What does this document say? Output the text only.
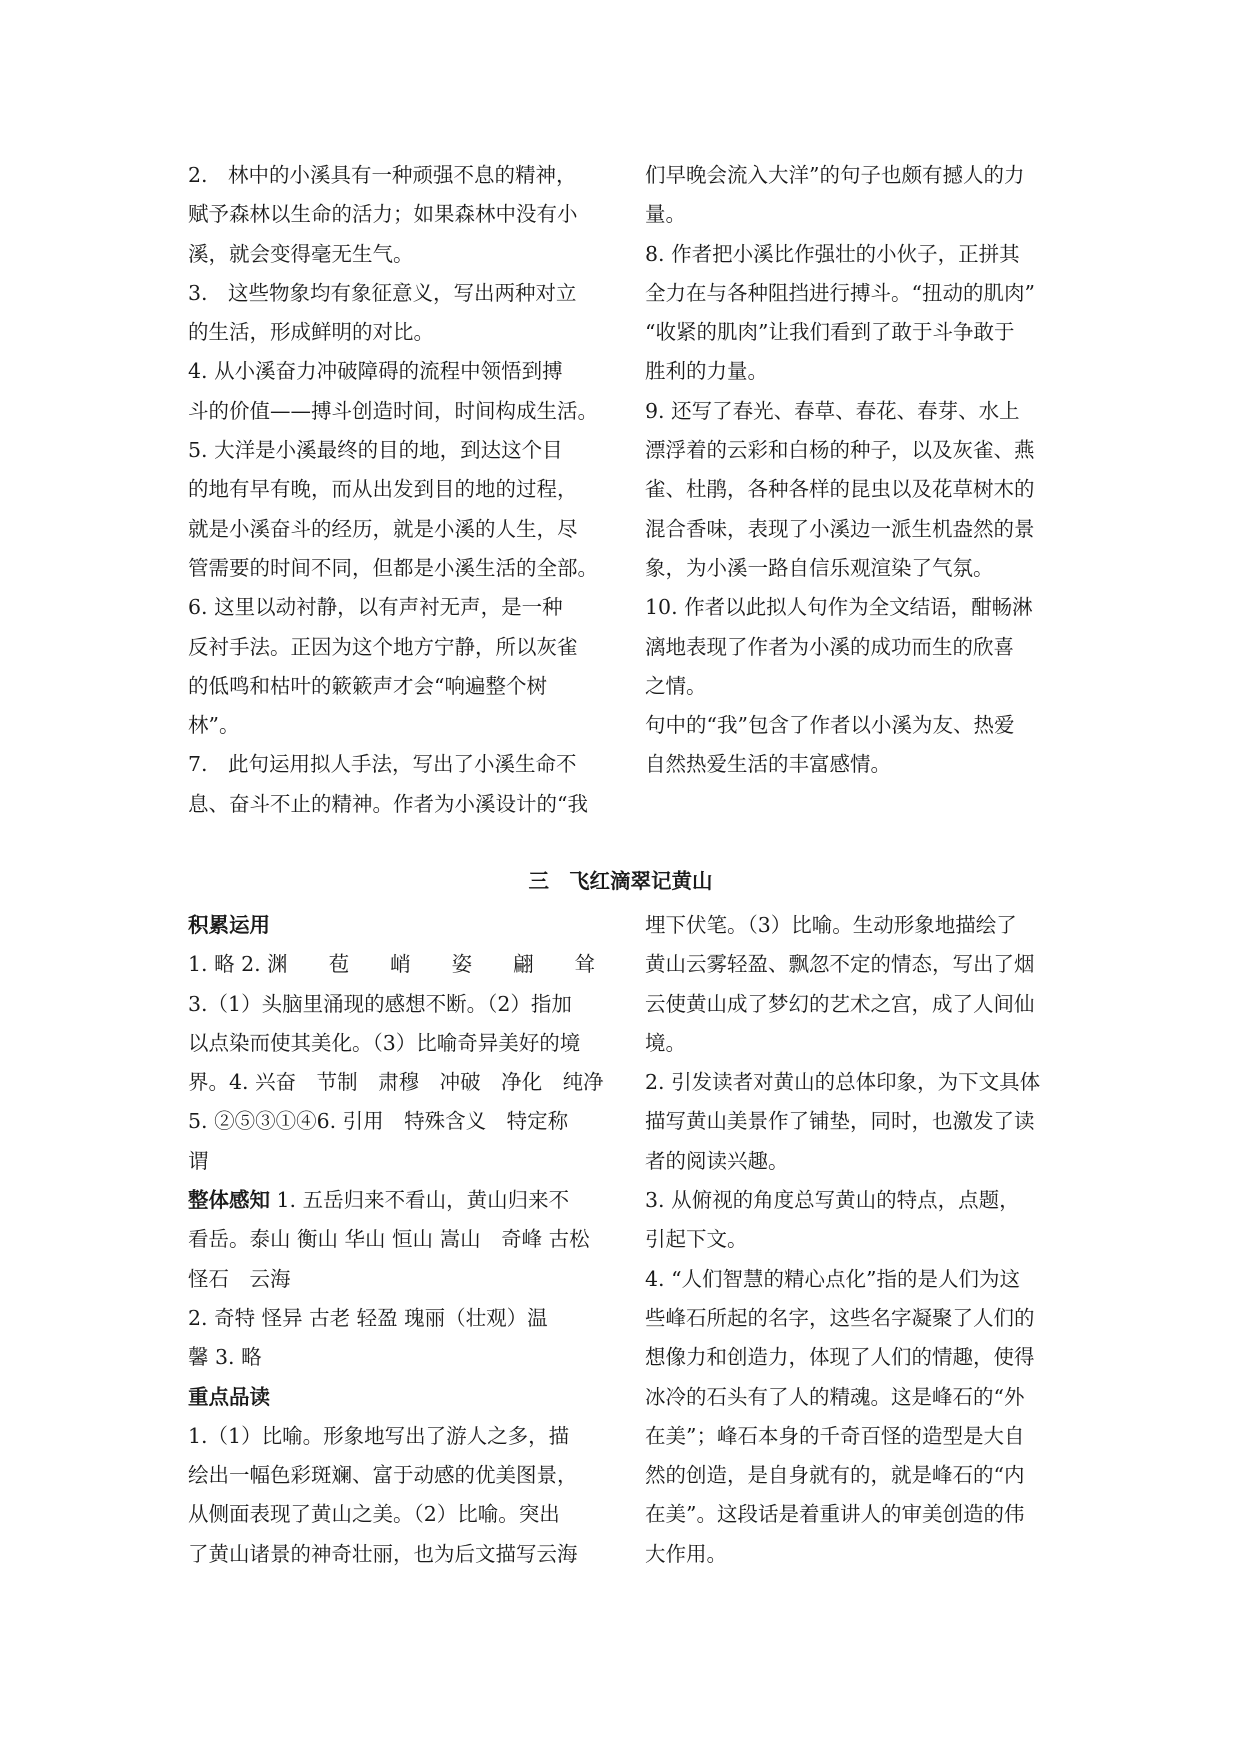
2.　林中的小溪具有一种顽强不息的精神，

赋予森林以生命的活力；如果森林中没有小

溪，就会变得毫无生气。

3.　这些物象均有象征意义，写出两种对立

的生活，形成鲜明的对比。

4. 从小溪奋力冲破障碍的流程中领悟到搏

斗的价值——搏斗创造时间，时间构成生活。

5. 大洋是小溪最终的目的地，到达这个目

的地有早有晚，而从出发到目的地的过程，

就是小溪奋斗的经历，就是小溪的人生，尽

管需要的时间不同，但都是小溪生活的全部。

6. 这里以动衬静，以有声衬无声，是一种

反衬手法。正因为这个地方宁静，所以灰雀

的低鸣和枯叶的簌簌声才会“响遍整个树

林”。

7.　此句运用拟人手法，写出了小溪生命不

息、奋斗不止的精神。作者为小溪设计的“我

们早晚会流入大洋”的句子也颇有撼人的力

量。

8. 作者把小溪比作强壮的小伙子，正拼其

全力在与各种阻挡进行搏斗。“扭动的肌肉”

“收紧的肌肉”让我们看到了敢于斗争敢于

胜利的力量。

9. 还写了春光、春草、春花、春芽、水上

漂浮着的云彩和白杨的种子，以及灰雀、燕

雀、杜鹃，各种各样的昆虫以及花草树木的

混合香味，表现了小溪边一派生机盎然的景

象，为小溪一路自信乐观渲染了气氛。

10. 作者以此拟人句作为全文结语，酣畅淋

漓地表现了作者为小溪的成功而生的欣喜

之情。

句中的“我”包含了作者以小溪为友、热爱

自然热爱生活的丰富感情。

三 飞红滴翠记黄山

积累运用

1. 略 2. 渊　　苞　　峭　　姿　　翩　　耸

3.（1）头脑里涌现的感想不断。（2）指加

以点染而使其美化。（3）比喻奇异美好的境

界。4. 兴奋　节制　肃穆　冲破　净化　纯净

5. ②⑤③①④6. 引用　特殊含义　特定称

谓

整体感知 1. 五岳归来不看山，黄山归来不

看岳。泰山 衡山 华山 恒山 嵩山　奇峰 古松

怪石　云海

2. 奇特 怪异 古老 轻盈 瑰丽（壮观）温

馨 3. 略

重点品读

1.（1）比喻。形象地写出了游人之多，描

绘出一幅色彩斑斓、富于动感的优美图景，

从侧面表现了黄山之美。（2）比喻。突出

了黄山诸景的神奇壮丽，也为后文描写云海

埋下伏笔。（3）比喻。生动形象地描绘了

黄山云雾轻盈、飘忽不定的情态，写出了烟

云使黄山成了梦幻的艺术之宫，成了人间仙

境。

2. 引发读者对黄山的总体印象，为下文具体

描写黄山美景作了铺垫，同时，也激发了读

者的阅读兴趣。

3. 从俯视的角度总写黄山的特点，点题，

引起下文。

4. “人们智慧的精心点化”指的是人们为这

些峰石所起的名字，这些名字凝聚了人们的

想像力和创造力，体现了人们的情趣，使得

冰冷的石头有了人的精魂。这是峰石的“外

在美”；峰石本身的千奇百怪的造型是大自

然的创造，是自身就有的，就是峰石的“内

在美”。这段话是着重讲人的审美创造的伟

大作用。
